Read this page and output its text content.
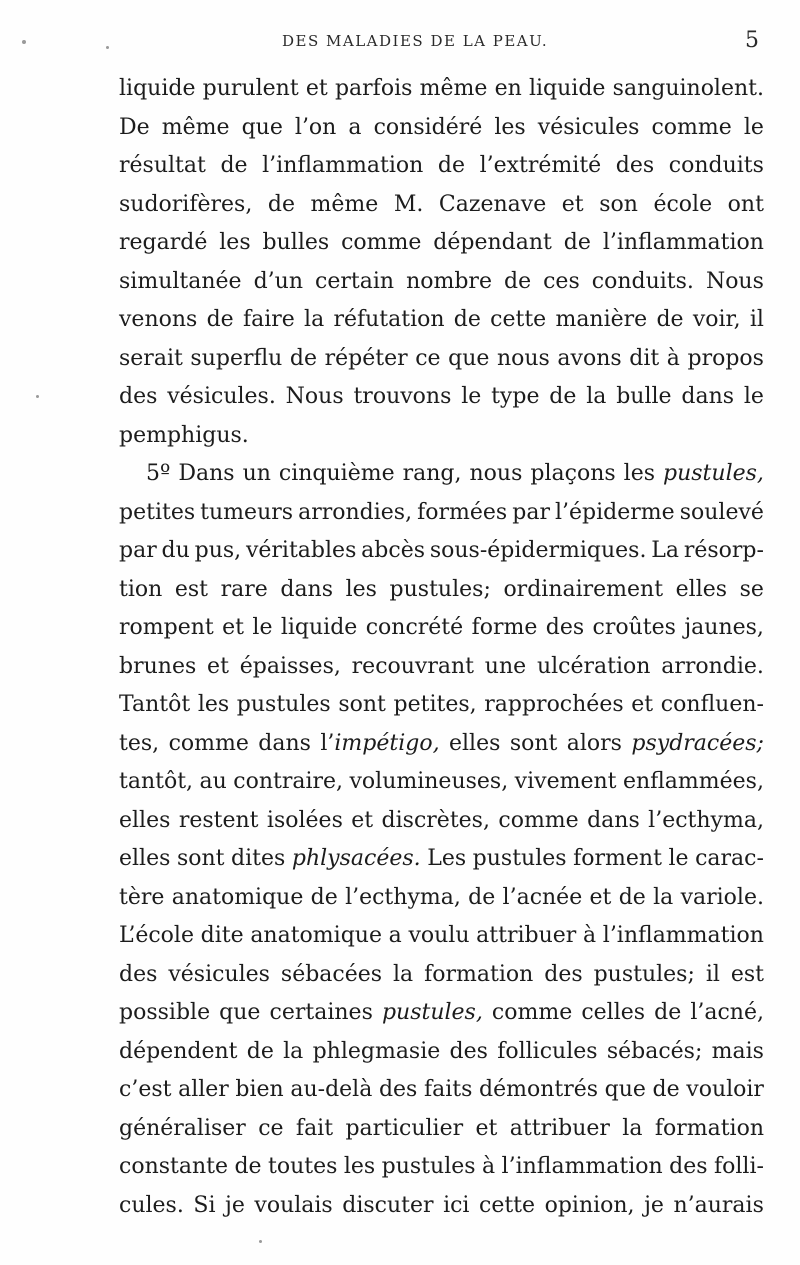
DES MALADIES DE LA PEAU.	5
liquide purulent et parfois même en liquide sanguinolent.
De même que l’on a considéré les vésicules comme le
résultat de l’inflammation de l’extrémité des conduits
sudorifères, de même M. Cazenave et son école ont
regardé les bulles comme dépendant de l’inflammation
simultanée d’un certain nombre de ces conduits. Nous
venons de faire la réfutation de cette manière de voir, il
serait superflu de répéter ce que nous avons dit à propos
des vésicules. Nous trouvons le type de la bulle dans le
pemphigus.
5º Dans un cinquième rang, nous plaçons les pustules,
petites tumeurs arrondies, formées par l’épiderme soulevé
par du pus, véritables abcès sous-épidermiques. La résorp-
tion est rare dans les pustules; ordinairement elles se
rompent et le liquide concrété forme des croûtes jaunes,
brunes et épaisses, recouvrant une ulcération arrondie.
Tantôt les pustules sont petites, rapprochées et confluen-
tes, comme dans l’impétigo, elles sont alors psydracées;
tantôt, au contraire, volumineuses, vivement enflammées,
elles restent isolées et discrètes, comme dans l’ecthyma,
elles sont dites phlysacées. Les pustules forment le carac-
tère anatomique de l’ecthyma, de l’acnée et de la variole.
L’école dite anatomique a voulu attribuer à l’inflammation
des vésicules sébacées la formation des pustules; il est
possible que certaines pustules, comme celles de l’acné,
dépendent de la phlegmasie des follicules sébacés; mais
c’est aller bien au-delà des faits démontrés que de vouloir
généraliser ce fait particulier et attribuer la formation
constante de toutes les pustules à l’inflammation des folli-
cules. Si je voulais discuter ici cette opinion, je n’aurais
